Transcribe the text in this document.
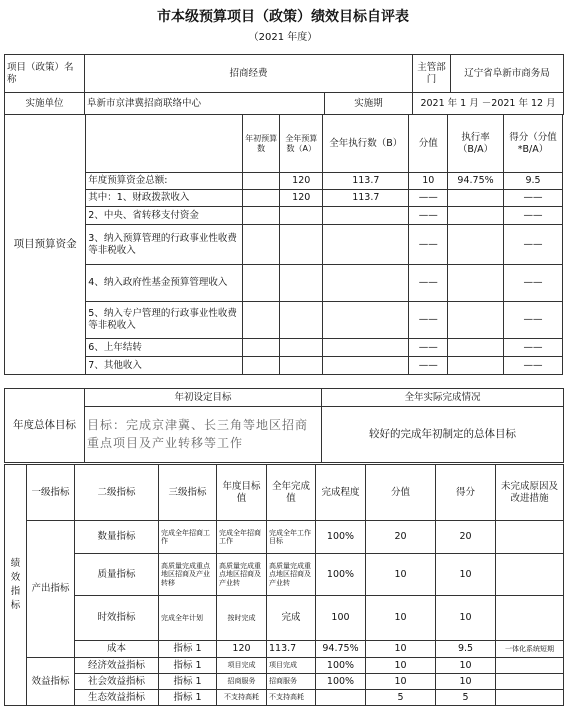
市本级预算项目（政策）绩效目标自评表
（2021 年度）
项目（政策）名称	招商经费		主管部门	辽宁省阜新市商务局
实施单位	阜新市京津冀招商联络中心	实施期	2021 年 1 月 －2021 年 12 月	
项目预算资金		年初预算数	全年预算数（A）	全年执行数（B）	分值	执行率（B/A）	得分（分值*B/A）
	年度预算资金总额:		120	113.7	10	94.75%	9.5
	其中：1、财政拨款收入		120	113.7	——		——
	2、中央、省转移支付资金				——		——
	3、纳入预算管理的行政事业性收费等非税收入				——		——
	4、纳入政府性基金预算管理收入				——		——
	5、纳入专户管理的行政事业性收费等非税收入				——		——
	6、上年结转				——		——
	7、其他收入				——		——
年度总体目标	年初设定目标	全年实际完成情况
	目标：完成京津冀、长三角等地区招商重点项目及产业转移等工作	较好的完成年初制定的总体目标
绩效指标	一级指标	二级指标	三级指标	年度目标值	全年完成值	完成程度	分值	得分	未完成原因及改进措施
	产出指标	数量指标	完成全年招商工作	完成全年招商工作	完成全年工作目标	100%	20	20	
		质量指标	高质量完成重点地区招商及产业转移	高质量完成重点地区招商及产业转	高质量完成重点地区招商及产业转	100%	10	10	
		时效指标	完成全年计划	按时完成	完成	100	10	10	
		成本	指标 1	120	113.7	94.75%	10	9.5	一体化系统短期
	效益指标	经济效益指标	指标 1	项目完成	项目完成	100%	10	10	
		社会效益指标	指标 1	招商服务	招商服务	100%	10	10	
		生态效益指标	指标 1	不支持高耗	不支持高耗		5	5	
